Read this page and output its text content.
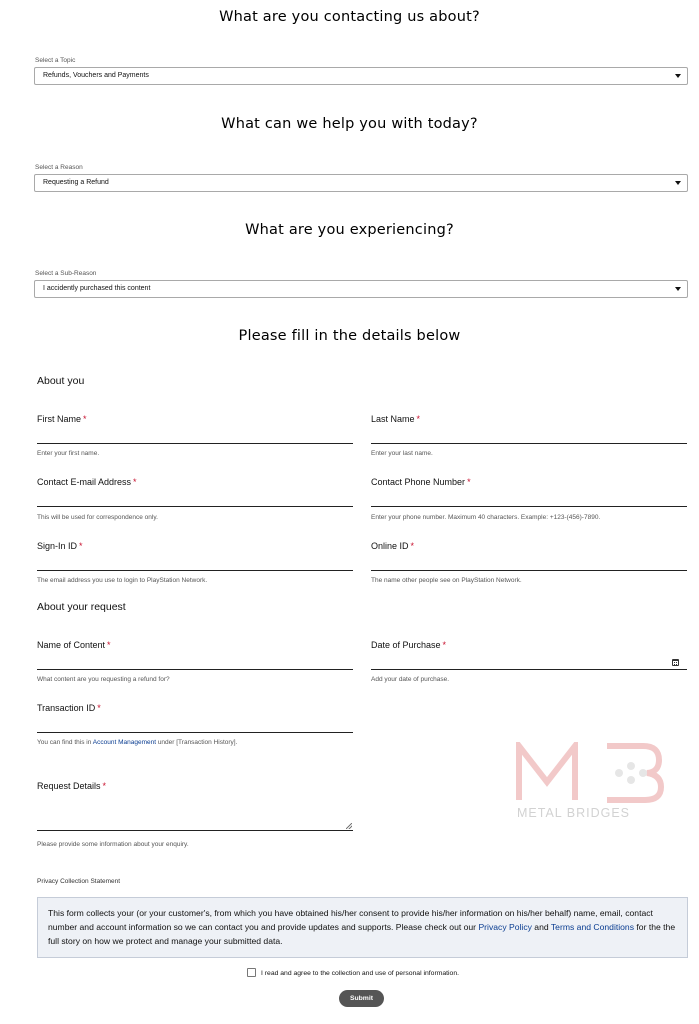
What are you contacting us about?
Select a Topic
Refunds, Vouchers and Payments
What can we help you with today?
Select a Reason
Requesting a Refund
What are you experiencing?
Select a Sub-Reason
I accidently purchased this content
Please fill in the details below
About you
First Name *
Enter your first name.
Last Name *
Enter your last name.
Contact E-mail Address *
This will be used for correspondence only.
Contact Phone Number *
Enter your phone number. Maximum 40 characters. Example: +123-(456)-7890.
Sign-In ID *
The email address you use to login to PlayStation Network.
Online ID *
The name other people see on PlayStation Network.
About your request
Name of Content *
What content are you requesting a refund for?
Date of Purchase *
Add your date of purchase.
Transaction ID *
You can find this in Account Management under [Transaction History].
Request Details *
Please provide some information about your enquiry.
METAL BRIDGES
Privacy Collection Statement
This form collects your (or your customer's, from which you have obtained his/her consent to provide his/her information on his/her behalf) name, email, contact number and account information so we can contact you and provide updates and supports. Please check out our Privacy Policy and Terms and Conditions for the the full story on how we protect and manage your submitted data.
I read and agree to the collection and use of personal information.
Submit
